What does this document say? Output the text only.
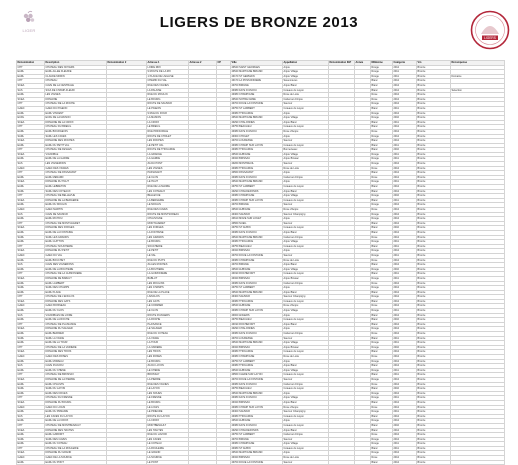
LIGER	LIGERS DE BRONZE 2013
LIGERS
Dénomination	Description	Dénomination 2	Adresse 1	Adresse 2	CP	Ville	Appellation	Dénomination IGP	Année	Millésime	Catégorie	Vin	Récompense
CHT	CHATEAU DES NOYERS		LOIRE RDV			49540 SAINT GEORGES	Anjou			Rouge	2012	Bronze	
EARL	EARL ALLEE FLEURIE		9 ROUTE DE LA RIV			49540 MARTIGNE BRIAND	Anjou Village			Rouge	2011	Bronze	
EARL	CLAUDE MORIN		1 PLACE DE L'EGLISE			49170 ST GERMAIN	Anjou Village			Rouge	2011	Bronze	Domaine
CHT	CHATEAU		CHEMIN DU VAL			49170 LA POSSONNIERE	Savennieres			Blanc	2012	Bronze	
SCEA	CAVE DE LA CENTRALE		RUE DES VIGNES			49700 BRIGNE	Anjou Blanc			Blanc	2012	Bronze	
SAS	SICA DE CHAMP-FLEURI		LA PALAISE			49380 FAYE D'ANJOU	Coteaux du Layon			Blanc	2012	Bronze	Selection
EARL	LES VIGNES		RUE DU MOULIN			49380 CHAMPIGNE	Rose de Loire			Rose	2012	Bronze	
SCEA	DOMAINE		LE BOURG			49540 NOTRE DAME	Cabernet d'Anjou			Rose	2012	Bronze	
CHT	CHATEAU DE LA ROCHE		ROUTE DE SAUMUR			49700 DOUE LA FONTAINE	Saumur			Rouge	2012	Bronze	
GAEC	GAEC DU PIGEON		LE PIGEON			49750 ST LAMBERT	Coteaux du Layon			Blanc	2011	Bronze	
EARL	EARL VINCENT		9 RUE DU FOUR			49380 THOUARCE	Anjou			Rouge	2012	Bronze	
EURL	EURL DE LA MAISON		LA MAISON			49540 MARTIGNE BRIAND	Anjou Village			Rouge	2010	Bronze	
SCEA	DOMAINE DE LA CROIX		LA CROIX			49290 CHALONNES	Anjou Blanc			Blanc	2011	Bronze	
CHT	CHATEAU DU BREUIL		LE BREUIL			49750 BEAULIEU	Coteaux du Layon			Blanc	2012	Bronze	
EARL	EARL BOURGEOIS		RUE PRINCIPALE			49380 FAYE D'ANJOU	Rose d'Anjou			Rose	2012	Bronze	
SARL	SARL LES CAVES		ROUTE DE CHOLET			49300 CHOLET	Anjou			Rouge	2012	Bronze	
SCEA	DOMAINE DES ROCHES		LES ROCHES			49700 LOURESSE	Saumur			Blanc	2012	Bronze	
EARL	EARL DU PETIT VAL		LE PETIT VAL			49380 CHAMP SUR LAYON	Coteaux du Layon			Blanc	2011	Bronze	
CHT	CHATEAU DE FESLES		ROUTE DE THOUARCE			49380 THOUARCE	Bonnezeaux			Blanc	2010	Bronze	
SCEA	VIGNOBLE		LA GRANGE			49540 AUBIGNE	Anjou Village			Rouge	2011	Bronze	
EARL	EARL DE LA GARDE		LA GARDE			49320 BRISSAC	Anjou Brissac			Rouge	2011	Bronze	
SAS	LES VIGNERONS		ZA DU PONT			49260 MONTREUIL	Saumur			Rouge	2012	Bronze	
GAEC	GAEC DES VIGNES		LES VIGNES			49380 THOUARCE	Rose de Loire			Rose	2012	Bronze	
CHT	CHATEAU DE PASSAVANT		PASSAVANT			49560 PASSAVANT	Anjou			Blanc	2012	Bronze	
EARL	EARL MENARD		LE CLOS			49380 FAYE D'ANJOU	Cabernet d'Anjou			Rose	2012	Bronze	
SCEA	DOMAINE DU HAUT		LE HAUT			49540 MARTIGNE BRIAND	Anjou			Rouge	2011	Bronze	
EARL	EARL LEBRETON		RUE DE LA MAIRIE			49750 ST LAMBERT	Coteaux du Layon			Blanc	2012	Bronze	
SARL	SARL DES COTEAUX		LES COTEAUX			49290 CHAUDEFONDS	Anjou Blanc			Blanc	2012	Bronze	
CHT	CHATEAU DE BELLEVUE		BELLEVUE			49380 CHAMPIGNE	Anjou Village			Rouge	2010	Bronze	
SCEA	DOMAINE DE LA BERGERIE		LA BERGERIE			49380 CHAMP SUR LAYON	Coteaux du Layon			Blanc	2011	Bronze	
EARL	EARL DU MOULIN		LE MOULIN			49700 BRIGNE	Saumur			Rouge	2012	Bronze	
GAEC	GAEC MARTIN		RUE DES CAVES			49540 AUBIGNE	Rose d'Anjou			Rose	2012	Bronze	
SAS	CAVE DE SAUMUR		ROUTE DE MONTSOREAU			49400 SAUMUR	Saumur Champigny			Rouge	2012	Bronze	
EARL	EARL RICHOU		CHAUVIGNE			49610 MOZE SUR LOUET	Anjou			Rouge	2012	Bronze	
CHT	CHATEAU DE MONTGUERET		MONTGUERET			49560 NUEIL	Saumur			Blanc	2012	Bronze	
SCEA	DOMAINE DES FORGES		LES FORGES			49750 ST AUBIN	Coteaux du Layon			Blanc	2010	Bronze	
EARL	EARL DE LA FONTAINE		LA FONTAINE			49380 FAYE D'ANJOU	Anjou Blanc			Blanc	2012	Bronze	
SARL	SARL LES GRANDS		LES GRANDS			49540 MARTIGNE BRIAND	Cabernet d'Anjou			Rose	2012	Bronze	
EARL	EARL GUITTON		LE BOURG			49380 THOUARCE	Anjou Village			Rouge	2011	Bronze	
CHT	CHATEAU SOUCHERIE		SOUCHERIE			49750 BEAULIEU	Coteaux du Layon			Blanc	2011	Bronze	
SCEA	DOMAINE DU PETIT		LE PETIT			49320 BRISSAC	Anjou			Rouge	2012	Bronze	
GAEC	GAEC DU VAL		LE VAL			49700 DOUE LA FONTAINE	Saumur			Rouge	2011	Bronze	
EARL	EARL BOUCHET		RUE DU PUITS			49380 CHAMPIGNE	Rose de Loire			Rose	2012	Bronze	
SAS	CAVE DES VIGNERONS		ZA LES ROCHES			49700 BRIGNE	Anjou Blanc			Blanc	2012	Bronze	
EARL	EARL DE LA BOUTIERE		LA BOUTIERE			49540 AUBIGNE	Anjou Village			Rouge	2010	Bronze	
CHT	CHATEAU DE LA GUIMONIERE		LA GUIMONIERE			49190 ROCHEFORT	Coteaux du Layon			Blanc	2011	Bronze	
SCEA	DOMAINE DE BABLUT		BABLUT			49320 BRISSAC	Anjou Brissac			Rouge	2011	Bronze	
EARL	EARL LAMBERT		LES MOULINS			49380 FAYE D'ANJOU	Cabernet d'Anjou			Rose	2012	Bronze	
SARL	SARL DES CHAMPS		LES CHAMPS			49750 ST LAMBERT	Anjou			Rouge	2012	Bronze	
EARL	EARL PLACE		RUE DE LA PLACE			49540 MARTIGNE BRIAND	Anjou Blanc			Blanc	2012	Bronze	
CHT	CHATEAU DE L'ENCLOS		L'ENCLOS			49400 SAUMUR	Saumur Champigny			Rouge	2012	Bronze	
SCEA	DOMAINE DES GATS		LES GATS			49380 THOUARCE	Coteaux du Layon			Blanc	2012	Bronze	
GAEC	GAEC BOISSEAU		LE CORMIER			49540 AUBIGNE	Rose d'Anjou			Rose	2012	Bronze	
EARL	EARL DU CLOS		LE CLOS			49380 CHAMP SUR LAYON	Anjou Village			Rouge	2011	Bronze	
SAS	VIGNOBLES DE LOIRE		ROUTE D'ANGERS			49000 ANGERS	Anjou			Blanc	2012	Bronze	
EARL	EARL DE LA ROCHE		LA ROCHE			49750 BEAULIEU	Coteaux du Layon			Blanc	2010	Bronze	
CHT	CHATEAU DE PLAISANCE		PLAISANCE			49190 ROCHEFORT	Anjou Blanc			Blanc	2012	Bronze	
SCEA	DOMAINE DU SAUGER		LE SAUGER			49290 CHALONNES	Anjou			Rouge	2012	Bronze	
EARL	EARL BERNIER		RUE DU COTEAU			49380 FAYE D'ANJOU	Cabernet d'Anjou			Rose	2012	Bronze	
SARL	SARL LA VIGNE		LA VIGNE			49700 LOURESSE	Saumur			Blanc	2011	Bronze	
EARL	EARL DE LA TOUR		LA TOUR			49540 MARTIGNE BRIAND	Anjou Village			Rouge	2011	Bronze	
CHT	CHATEAU DE LA VARIERE		LA VARIERE			49320 BRISSAC	Anjou Brissac			Rouge	2010	Bronze	
SCEA	DOMAINE DES TROIS		LES TROIS			49380 THOUARCE	Coteaux du Layon			Blanc	2012	Bronze	
GAEC	GAEC DES ROSES		LES ROSES			49380 CHAMPIGNE	Rose de Loire			Rose	2012	Bronze	
EARL	EARL MOREAU		LE BOURG			49750 ST LAMBERT	Anjou			Rouge	2012	Bronze	
SAS	CAVE D'ANJOU		ZA DU LAYON			49380 THOUARCE	Anjou Blanc			Blanc	2012	Bronze	
EARL	EARL DU CHENE		LE CHENE			49540 AUBIGNE	Anjou Village			Rouge	2011	Bronze	
CHT	CHATEAU DE BROSSAY		BROSSAY			49560 CLERE SUR LAYON	Coteaux du Layon			Blanc	2011	Bronze	
SCEA	DOMAINE DE LA PIERRE		LA PIERRE			49700 DOUE LA FONTAINE	Saumur			Rouge	2012	Bronze	
EARL	EARL CHAUVIN		RUE DES VIGNES			49380 FAYE D'ANJOU	Cabernet d'Anjou			Rose	2012	Bronze	
SARL	SARL DU LAYON		LE LAYON			49750 BEAULIEU	Coteaux du Layon			Blanc	2010	Bronze	
EARL	EARL DES NOUES		LES NOUES			49540 MARTIGNE BRIAND	Anjou			Rouge	2012	Bronze	
CHT	CHATEAU DU FRESNE		LE FRESNE			49380 FAYE D'ANJOU	Anjou Village			Rouge	2011	Bronze	
SCEA	DOMAINE DU BOURG		LE BOURG			49320 BRISSAC	Anjou Blanc			Blanc	2012	Bronze	
GAEC	GAEC DU LOGIS		LE LOGIS			49380 CHAMP SUR LAYON	Rose d'Anjou			Rose	2012	Bronze	
EARL	EARL DU PRIEURE		LE PRIEURE			49400 SAUMUR	Saumur Champigny			Rouge	2011	Bronze	
SAS	LES CAVES DU LAYON		ROUTE DU LAYON			49380 THOUARCE	Coteaux du Layon			Blanc	2012	Bronze	
EARL	EARL DE LA CROIX		LA CROIX			49540 AUBIGNE	Anjou			Rouge	2012	Bronze	
CHT	CHATEAU DE MONTBENAULT		MONTBENAULT			49380 FAYE D'ANJOU	Coteaux du Layon			Blanc	2010	Bronze	
SCEA	DOMAINE DES HAUTES		LES HAUTES			49290 CHAUDEFONDS	Anjou Blanc			Blanc	2012	Bronze	
EARL	EARL GABORIT		RUE DU LAVOIR			49750 ST LAMBERT	Cabernet d'Anjou			Rose	2012	Bronze	
SARL	SARL DES CAVES		LES CAVES			49700 BRIGNE	Saumur			Rouge	2012	Bronze	
EARL	EARL DU COTEAU		LE COTEAU			49380 CHAMPIGNE	Anjou Village			Rouge	2011	Bronze	
CHT	CHATEAU DE LA ROULERIE		LA ROULERIE			49380 ST AUBIN	Coteaux du Layon			Blanc	2011	Bronze	
SCEA	DOMAINE DU GRAND		LE GRAND			49540 MARTIGNE BRIAND	Anjou			Rouge	2012	Bronze	
GAEC	GAEC DE LA SOURCE		LA SOURCE			49320 BRISSAC	Rose de Loire			Rose	2012	Bronze	
EARL	EARL DU PONT		LE PONT			49700 DOUE LA FONTAINE	Saumur			Blanc	2012	Bronze	
